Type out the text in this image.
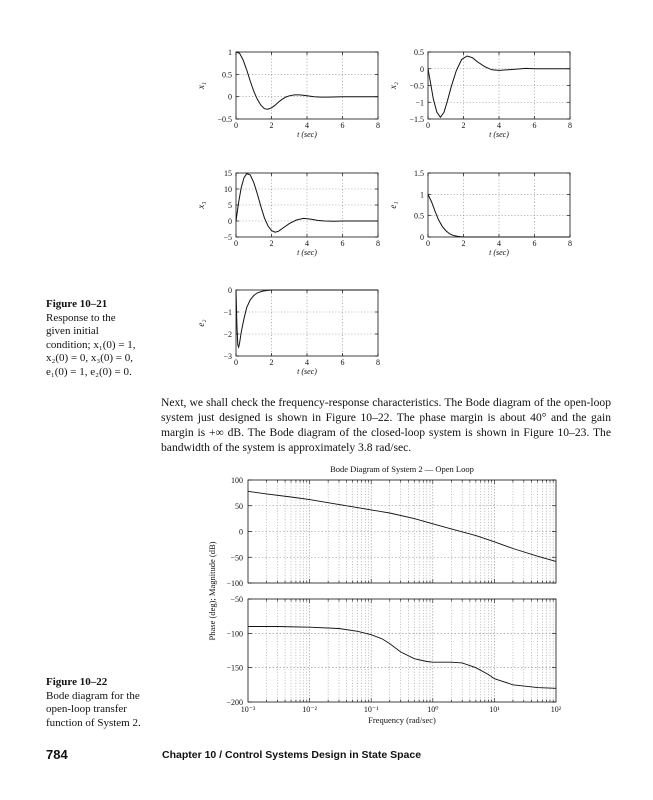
0	2	4	6	8
−0.5
0
0.5
1
t (sec)
x₁
0	2	4	6	8
−1.5
−1
−0.5
0
0.5
t (sec)
x₂
0	2	4	6	8
−5
0
5
10
15
t (sec)
x₃
0	2	4	6	8
0
0.5
1
1.5
t (sec)
e₁
0	2	4	6	8
−3
−2
−1
0
t (sec)
e₂
Figure 10–21
Response to the
given initial
condition; x₁(0) = 1,
x₂(0) = 0, x₃(0) = 0,
e₁(0) = 1, e₂(0) = 0.

Next, we shall check the frequency-response characteristics. The Bode diagram of the open-loop system just designed is shown in Figure 10–22. The phase margin is about 40° and the gain margin is +∞ dB. The Bode diagram of the closed-loop system is shown in Figure 10–23. The bandwidth of the system is approximately 3.8 rad/sec.

100
50
0
−50
−100
−50
−100
−150
−200
10⁻³	10⁻²	10⁻¹	10⁰	10¹	10²
Bode Diagram of System 2 — Open Loop
Frequency (rad/sec)
Phase (deg); Magnitude (dB)
Figure 10–22
Bode diagram for the
open-loop transfer
function of System 2.
784	Chapter 10 / Control Systems Design in State Space
